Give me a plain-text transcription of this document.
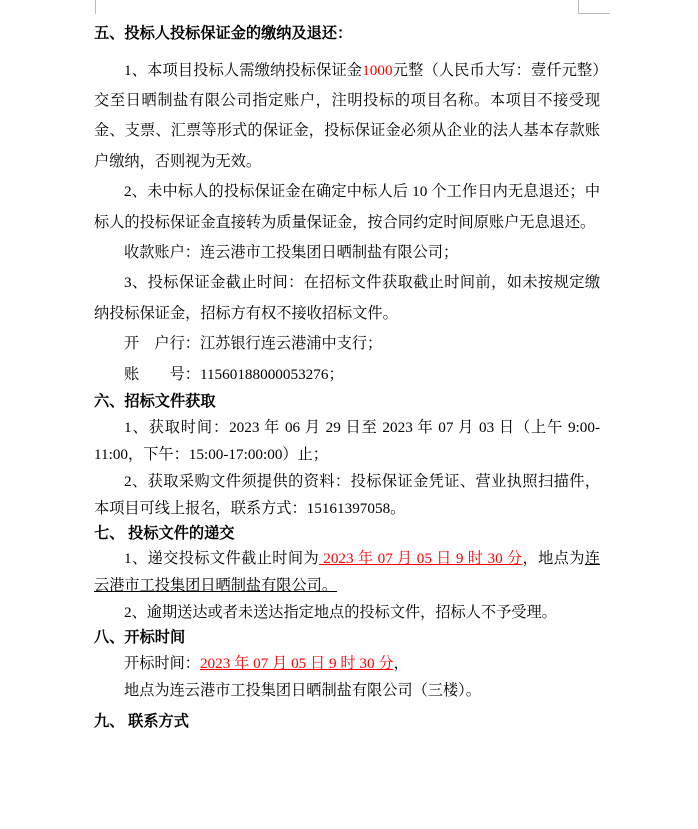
五、投标人投标保证金的缴纳及退还：

1、本项目投标人需缴纳投标保证金1000元整（人民币大写：壹仟元整）交至日晒制盐有限公司指定账户，注明投标的项目名称。本项目不接受现金、支票、汇票等形式的保证金，投标保证金必须从企业的法人基本存款账户缴纳，否则视为无效。

2、未中标人的投标保证金在确定中标人后 10 个工作日内无息退还；中标人的投标保证金直接转为质量保证金，按合同约定时间原账户无息退还。

收款账户：连云港市工投集团日晒制盐有限公司；

3、投标保证金截止时间：在招标文件获取截止时间前，如未按规定缴纳投标保证金，招标方有权不接收招标文件。

开　户行：江苏银行连云港浦中支行；

账　　号：11560188000053276；

六、招标文件获取

1、获取时间：2023 年 06 月 29 日至 2023 年 07 月 03 日（上午 9:00-11:00，下午：15:00-17:00:00）止；

2、获取采购文件须提供的资料：投标保证金凭证、营业执照扫描件，本项目可线上报名，联系方式：15161397058。

七、 投标文件的递交

1、递交投标文件截止时间为 2023 年 07 月 05 日 9 时 30 分，地点为连云港市工投集团日晒制盐有限公司。

2、逾期送达或者未送达指定地点的投标文件，招标人不予受理。

八、开标时间

开标时间：2023 年 07 月 05 日 9 时 30 分，

地点为连云港市工投集团日晒制盐有限公司（三楼）。

九、 联系方式
